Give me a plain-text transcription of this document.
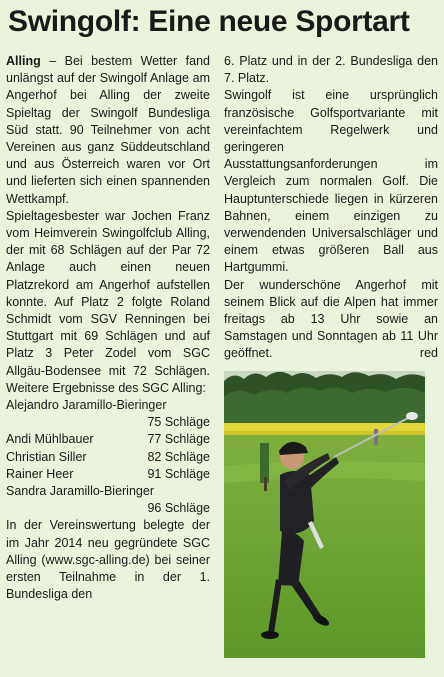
Swingolf: Eine neue Sportart

Alling – Bei bestem Wetter fand unlängst auf der Swingolf Anlage am Angerhof bei Alling der zweite Spieltag der Swingolf Bundesliga Süd statt. 90 Teilnehmer von acht Vereinen aus ganz Süddeutschland und aus Österreich waren vor Ort und lieferten sich einen spannenden Wettkampf.

Spieltagesbester war Jochen Franz vom Heimverein Swingolfclub Alling, der mit 68 Schlägen auf der Par 72 Anlage auch einen neuen Platzrekord am Angerhof aufstellen konnte. Auf Platz 2 folgte Roland Schmidt vom SGV Renningen bei Stuttgart mit 69 Schlägen und auf Platz 3 Peter Zodel vom SGC Allgäu-Bodensee mit 72 Schlägen. Weitere Ergebnisse des SGC Alling:

Alejandro Jaramillo-Bieringer

75 Schläge

Andi Mühlbauer	77 Schläge
Christian Siller	82 Schläge
Rainer Heer	91 Schläge

Sandra Jaramillo-Bieringer

96 Schläge

In der Vereinswertung belegte der im Jahr 2014 neu gegründete SGC Alling (www.sgc-alling.de) bei seiner ersten Teilnahme in der 1. Bundesliga den

6. Platz und in der 2. Bundesliga den 7. Platz.

Swingolf ist eine ursprünglich französische Golfsportvariante mit vereinfachtem Regelwerk und geringeren Ausstattungsanforderungen im Vergleich zum normalen Golf. Die Hauptunterschiede liegen in kürzeren Bahnen, einem einzigen zu verwendenden Universalschläger und einem etwas größeren Ball aus Hartgummi.

Der wunderschöne Angerhof mit seinem Blick auf die Alpen hat immer freitags ab 13 Uhr sowie an Samstagen und Sonntagen ab 11 Uhr geöffnet.	red
